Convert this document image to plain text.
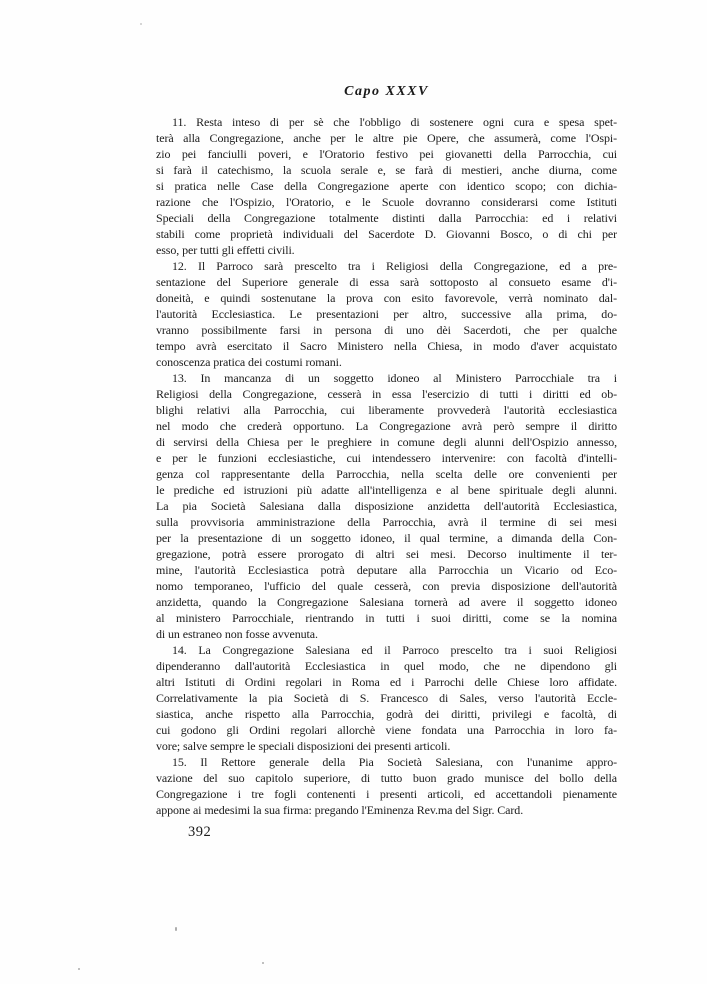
Capo XXXV
11. Resta inteso di per sè che l'obbligo di sostenere ogni cura e spesa spet-
terà alla Congregazione, anche per le altre pie Opere, che assumerà, come l'Ospi-
zio pei fanciulli poveri, e l'Oratorio festivo pei giovanetti della Parrocchia, cui
si farà il catechismo, la scuola serale e, se farà di mestieri, anche diurna, come
si pratica nelle Case della Congregazione aperte con identico scopo; con dichia-
razione che l'Ospizio, l'Oratorio, e le Scuole dovranno considerarsi come Istituti
Speciali della Congregazione totalmente distinti dalla Parrocchia: ed i relativi
stabili come proprietà individuali del Sacerdote D. Giovanni Bosco, o di chi per
esso, per tutti gli effetti civili.
12. Il Parroco sarà prescelto tra i Religiosi della Congregazione, ed a pre-
sentazione del Superiore generale di essa sarà sottoposto al consueto esame d'i-
doneità, e quindi sostenutane la prova con esito favorevole, verrà nominato dal-
l'autorità Ecclesiastica. Le presentazioni per altro, successive alla prima, do-
vranno possibilmente farsi in persona di uno dèi Sacerdoti, che per qualche
tempo avrà esercitato il Sacro Ministero nella Chiesa, in modo d'aver acquistato
conoscenza pratica dei costumi romani.
13. In mancanza di un soggetto idoneo al Ministero Parrocchiale tra i
Religiosi della Congregazione, cesserà in essa l'esercizio di tutti i diritti ed ob-
blighi relativi alla Parrocchia, cui liberamente provvederà l'autorità ecclesiastica
nel modo che crederà opportuno. La Congregazione avrà però sempre il diritto
di servirsi della Chiesa per le preghiere in comune degli alunni dell'Ospizio annesso,
e per le funzioni ecclesiastiche, cui intendessero intervenire: con facoltà d'intelli-
genza col rappresentante della Parrocchia, nella scelta delle ore convenienti per
le prediche ed istruzioni più adatte all'intelligenza e al bene spirituale degli alunni.
La pia Società Salesiana dalla disposizione anzidetta dell'autorità Ecclesiastica,
sulla provvisoria amministrazione della Parrocchia, avrà il termine di sei mesi
per la presentazione di un soggetto idoneo, il qual termine, a dimanda della Con-
gregazione, potrà essere prorogato di altri sei mesi. Decorso inultimente il ter-
mine, l'autorità Ecclesiastica potrà deputare alla Parrocchia un Vicario od Eco-
nomo temporaneo, l'ufficio del quale cesserà, con previa disposizione dell'autorità
anzidetta, quando la Congregazione Salesiana tornerà ad avere il soggetto idoneo
al ministero Parrocchiale, rientrando in tutti i suoi diritti, come se la nomina
di un estraneo non fosse avvenuta.
14. La Congregazione Salesiana ed il Parroco prescelto tra i suoi Religiosi
dipenderanno dall'autorità Ecclesiastica in quel modo, che ne dipendono gli
altri Istituti di Ordini regolari in Roma ed i Parrochi delle Chiese loro affidate.
Correlativamente la pia Società di S. Francesco di Sales, verso l'autorità Eccle-
siastica, anche rispetto alla Parrocchia, godrà dei diritti, privilegi e facoltà, di
cui godono gli Ordini regolari allorchè viene fondata una Parrocchia in loro fa-
vore; salve sempre le speciali disposizioni dei presenti articoli.
15. Il Rettore generale della Pia Società Salesiana, con l'unanime appro-
vazione del suo capitolo superiore, di tutto buon grado munisce del bollo della
Congregazione i tre fogli contenenti i presenti articoli, ed accettandoli pienamente
appone ai medesimi la sua firma: pregando l'Eminenza Rev.ma del Sigr. Card.
392
